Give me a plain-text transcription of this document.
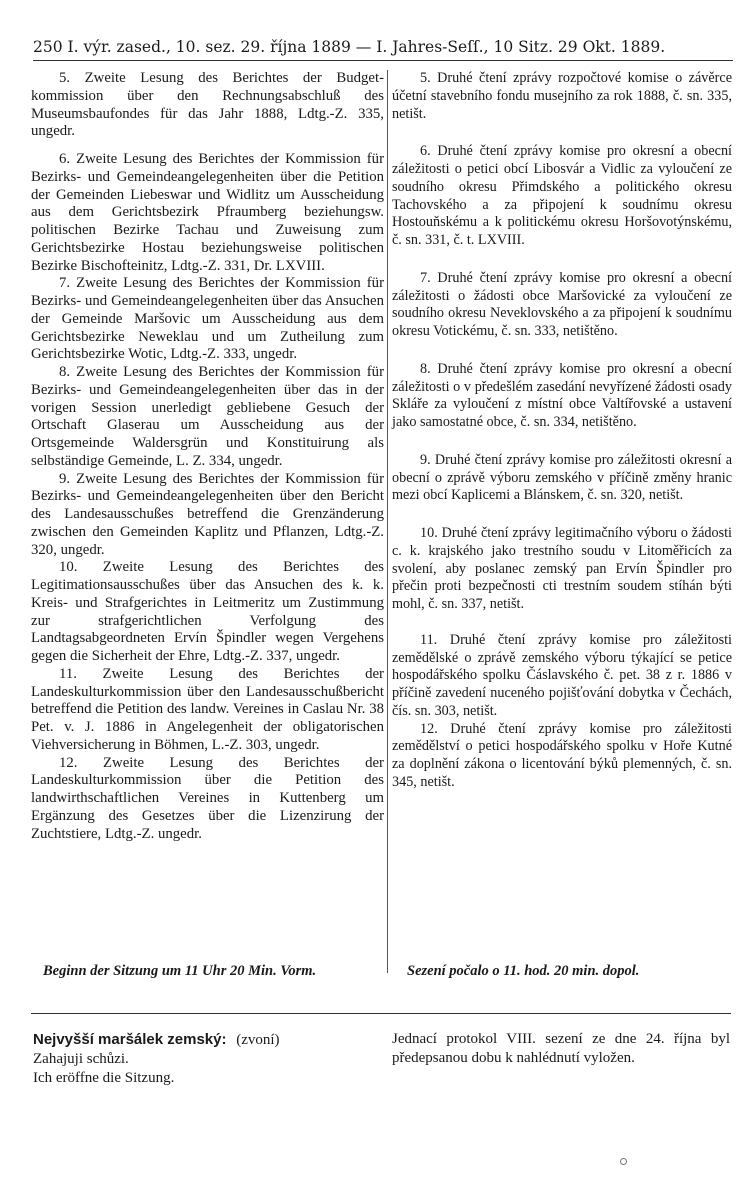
250 I. výr. zased., 10. sez. 29. října 1889 — I. Jahres-Seſſ., 10 Sitz. 29 Okt. 1889.

5. Zweite Lesung des Berichtes der Budget-kommission über den Rechnungsabschluß des Museumsbaufondes für das Jahr 1888, Ldtg.-Z. 335, ungedr.

6. Zweite Lesung des Berichtes der Kommission für Bezirks- und Gemeindeangelegenheiten über die Petition der Gemeinden Liebeswar und Widlitz um Ausscheidung aus dem Gerichtsbezirk Pfraumberg beziehungsw. politischen Bezirke Tachau und Zuweisung zum Gerichtsbezirke Hostau beziehungsweise politischen Bezirke Bischofteinitz, Ldtg.-Z. 331, Dr. LXVIII.

7. Zweite Lesung des Berichtes der Kommission für Bezirks- und Gemeindeangelegenheiten über das Ansuchen der Gemeinde Maršovic um Ausscheidung aus dem Gerichtsbezirke Neweklau und um Zutheilung zum Gerichtsbezirke Wotic, Ldtg.-Z. 333, ungedr.

8. Zweite Lesung des Berichtes der Kommission für Bezirks- und Gemeindeangelegenheiten über das in der vorigen Session unerledigt gebliebene Gesuch der Ortschaft Glaserau um Ausscheidung aus der Ortsgemeinde Waldersgrün und Konstituirung als selbständige Gemeinde, L. Z. 334, ungedr.

9. Zweite Lesung des Berichtes der Kommission für Bezirks- und Gemeindeangelegenheiten über den Bericht des Landesausschußes betreffend die Grenzänderung zwischen den Gemeinden Kaplitz und Pflanzen, Ldtg.-Z. 320, ungedr.

10. Zweite Lesung des Berichtes des Legitimationsausschußes über das Ansuchen des k. k. Kreis- und Strafgerichtes in Leitmeritz um Zustimmung zur strafgerichtlichen Verfolgung des Landtagsabgeordneten Ervín Špindler wegen Vergehens gegen die Sicherheit der Ehre, Ldtg.-Z. 337, ungedr.

11. Zweite Lesung des Berichtes der Landeskulturkommission über den Landesausschußbericht betreffend die Petition des landw. Vereines in Caslau Nr. 38 Pet. v. J. 1886 in Angelegenheit der obligatorischen Viehversicherung in Böhmen, L.-Z. 303, ungedr.

12. Zweite Lesung des Berichtes der Landeskulturkommission über die Petition des landwirthschaftlichen Vereines in Kuttenberg um Ergänzung des Gesetzes über die Lizenzirung der Zuchtstiere, Ldtg.-Z. ungedr.

5. Druhé čtení zprávy rozpočtové komise o závěrce účetní stavebního fondu musejního za rok 1888, č. sn. 335, netišt.

6. Druhé čtení zprávy komise pro okresní a obecní záležitosti o petici obcí Libosvár a Vidlic za vyloučení ze soudního okresu Přimdského a politického okresu Tachovského a za připojení k soudnímu okresu Hostouňskému a k politickému okresu Horšovotýnskému, č. sn. 331, č. t. LXVIII.

7. Druhé čtení zprávy komise pro okresní a obecní záležitosti o žádosti obce Maršovické za vyloučení ze soudního okresu Neveklovského a za připojení k soudnímu okresu Votickému, č. sn. 333, netištěno.

8. Druhé čtení zprávy komise pro okresní a obecní záležitosti o v předešlém zasedání nevyřízené žádosti osady Skláře za vyloučení z místní obce Valtířovské a ustavení jako samostatné obce, č. sn. 334, netištěno.

9. Druhé čtení zprávy komise pro záležitosti okresní a obecní o zprávě výboru zemského v příčině změny hranic mezi obcí Kaplicemi a Blánskem, č. sn. 320, netišt.

10. Druhé čtení zprávy legitimačního výboru o žádosti c. k. krajského jako trestního soudu v Litoměřicích za svolení, aby poslanec zemský pan Ervín Špindler pro přečin proti bezpečnosti cti trestním soudem stíhán býti mohl, č. sn. 337, netišt.

11. Druhé čtení zprávy komise pro záležitosti zemědělské o zprávě zemského výboru týkající se petice hospodářského spolku Čáslavského č. pet. 38 z r. 1886 v příčině zavedení nuceného pojišťování dobytka v Čechách, čís. sn. 303, netišt.

12. Druhé čtení zprávy komise pro záležitosti zemědělství o petici hospodářského spolku v Hoře Kutné za doplnění zákona o licentování býků plemenných, č. sn. 345, netišt.

Beginn der Sitzung um 11 Uhr 20 Min. Vorm.	Sezení počalo o 11. hod. 20 min. dopol.
Nejvyšší maršálek zemský: (zvoní)
Zahajuji schůzi.
Ich eröffne die Sitzung.
Jednací protokol VIII. sezení ze dne 24. října byl předepsanou dobu k nahlédnutí vyložen.
